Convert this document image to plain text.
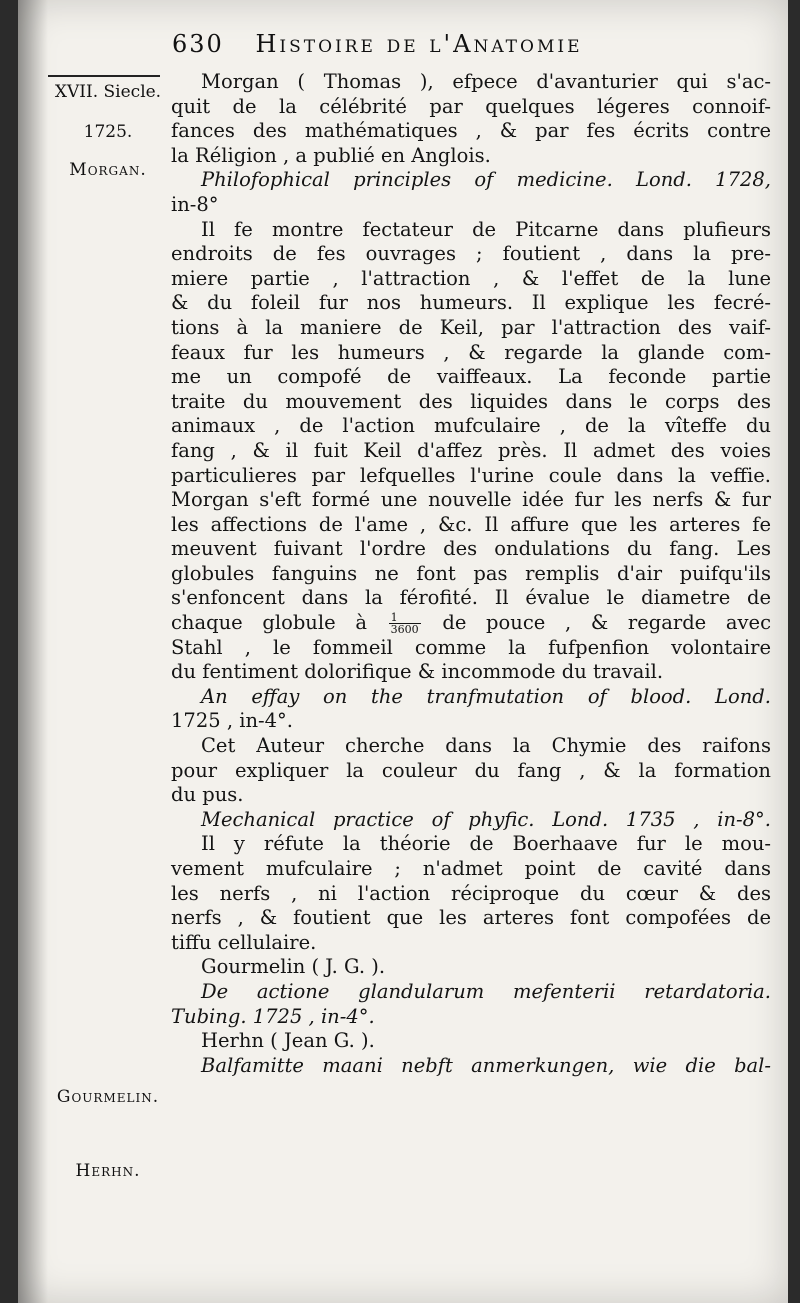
630 Histoire de l'Anatomie
XVII. Siecle.
1725.
Morgan.
Gourmelin.
Herhn.
Morgan ( Thomas ), efpece d'avanturier qui s'ac-
quit de la célébrité par quelques légeres connoif-
fances des mathématiques , & par fes écrits contre
la Réligion , a publié en Anglois.
Philofophical principles of medicine. Lond. 1728,
in-8°
Il fe montre fectateur de Pitcarne dans plufieurs
endroits de fes ouvrages ; foutient , dans la pre-
miere partie , l'attraction , & l'effet de la lune
& du foleil fur nos humeurs. Il explique les fecré-
tions à la maniere de Keil, par l'attraction des vaif-
feaux fur les humeurs , & regarde la glande com-
me un compofé de vaiffeaux. La feconde partie
traite du mouvement des liquides dans le corps des
animaux , de l'action mufculaire , de la vîteffe du
fang , & il fuit Keil d'affez près. Il admet des voies
particulieres par lefquelles l'urine coule dans la veffie.
Morgan s'eft formé une nouvelle idée fur les nerfs & fur
les affections de l'ame , &c. Il affure que les arteres fe
meuvent fuivant l'ordre des ondulations du fang. Les
globules fanguins ne font pas remplis d'air puifqu'ils
s'enfoncent dans la férofité. Il évalue le diametre de
chaque globule à $\frac{1}{3600}$ de pouce , & regarde avec
Stahl , le fommeil comme la fufpenfion volontaire
du fentiment dolorifique & incommode du travail.
An effay on the tranfmutation of blood. Lond.
1725 , in-4°.
Cet Auteur cherche dans la Chymie des raifons
pour expliquer la couleur du fang , & la formation
du pus.
Mechanical practice of phyfic. Lond. 1735 , in-8°.
Il y réfute la théorie de Boerhaave fur le mou-
vement mufculaire ; n'admet point de cavité dans
les nerfs , ni l'action réciproque du cœur & des
nerfs , & foutient que les arteres font compofées de
tiffu cellulaire.
Gourmelin ( J. G. ).
De actione glandularum mefenterii retardatoria.
Tubing. 1725 , in-4°.
Herhn ( Jean G. ).
Balfamitte maani nebft anmerkungen, wie die bal-
